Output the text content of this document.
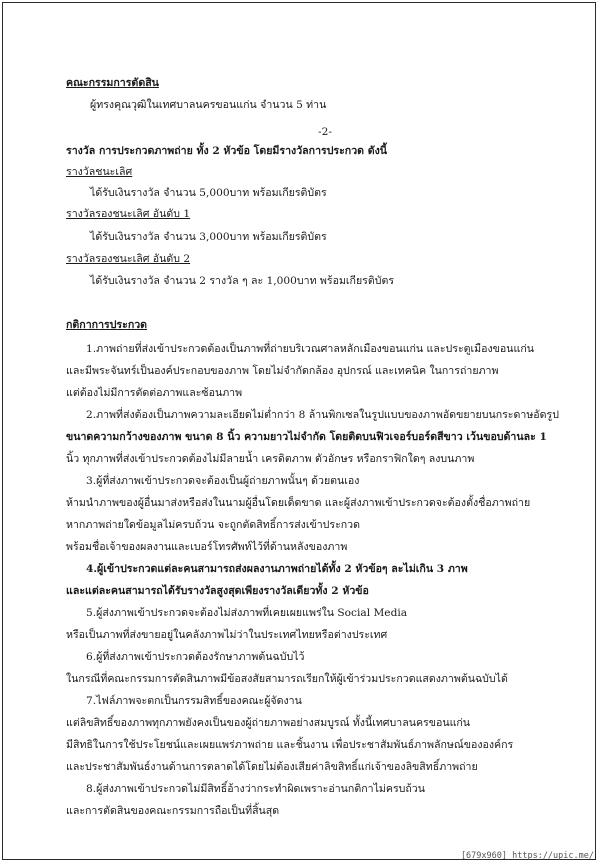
คณะกรรมการตัดสิน
ผู้ทรงคุณวุฒิในเทศบาลนครขอนแก่น จำนวน 5 ท่าน
-2-
รางวัล การประกวดภาพถ่าย ทั้ง 2 หัวข้อ โดยมีรางวัลการประกวด ดังนี้
รางวัลชนะเลิศ
ได้รับเงินรางวัล จำนวน 5,000บาท พร้อมเกียรติบัตร
รางวัลรองชนะเลิศ อันดับ 1
ได้รับเงินรางวัล จำนวน 3,000บาท พร้อมเกียรติบัตร
รางวัลรองชนะเลิศ อันดับ 2
ได้รับเงินรางวัล จำนวน 2 รางวัล ๆ ละ 1,000บาท พร้อมเกียรติบัตร
กติกาการประกวด
1.ภาพถ่ายที่ส่งเข้าประกวดต้องเป็นภาพที่ถ่ายบริเวณศาลหลักเมืองขอนแก่น และประตูเมืองขอนแก่น
และมีพระจันทร์เป็นองค์ประกอบของภาพ โดยไม่จำกัดกล้อง อุปกรณ์ และเทคนิค ในการถ่ายภาพ
แต่ต้องไม่มีการตัดต่อภาพและซ้อนภาพ
2.ภาพที่ส่งต้องเป็นภาพความละเอียดไม่ต่ำกว่า 8 ล้านพิกเซลในรูปแบบของภาพอัดขยายบนกระดาษอัดรูป
ขนาดความกว้างของภาพ ขนาด 8 นิ้ว ความยาวไม่จำกัด โดยติดบนฟิวเจอร์บอร์ดสีขาว เว้นขอบด้านละ 1
นิ้ว ทุกภาพที่ส่งเข้าประกวดต้องไม่มีลายน้ำ เครดิตภาพ ตัวอักษร หรือกราฟิกใดๆ ลงบนภาพ
3.ผู้ที่ส่งภาพเข้าประกวดจะต้องเป็นผู้ถ่ายภาพนั้นๆ ด้วยตนเอง
ห้ามนำภาพของผู้อื่นมาส่งหรือส่งในนามผู้อื่นโดยเด็ดขาด และผู้ส่งภาพเข้าประกวดจะต้องตั้งชื่อภาพถ่าย
หากภาพถ่ายใดข้อมูลไม่ครบถ้วน จะถูกตัดสิทธิ์การส่งเข้าประกวด
พร้อมชื่อเจ้าของผลงานและเบอร์โทรศัพท์ไว้ที่ด้านหลังของภาพ
4.ผู้เข้าประกวดแต่ละคนสามารถส่งผลงานภาพถ่ายได้ทั้ง 2 หัวข้อๆ ละไม่เกิน 3 ภาพ
และแต่ละคนสามารถได้รับรางวัลสูงสุดเพียงรางวัลเดียวทั้ง 2 หัวข้อ
5.ผู้ส่งภาพเข้าประกวดจะต้องไม่ส่งภาพที่เคยเผยแพร่ใน Social Media
หรือเป็นภาพที่ส่งขายอยู่ในคลังภาพไม่ว่าในประเทศไทยหรือต่างประเทศ
6.ผู้ที่ส่งภาพเข้าประกวดต้องรักษาภาพต้นฉบับไว้
ในกรณีที่คณะกรรมการตัดสินภาพมีข้อสงสัยสามารถเรียกให้ผู้เข้าร่วมประกวดแสดงภาพต้นฉบับได้
7.ไฟล์ภาพจะตกเป็นกรรมสิทธิ์ของคณะผู้จัดงาน
แต่ลิขสิทธิ์ของภาพทุกภาพยังคงเป็นของผู้ถ่ายภาพอย่างสมบูรณ์ ทั้งนี้เทศบาลนครขอนแก่น
มีสิทธิในการใช้ประโยชน์และเผยแพร่ภาพถ่าย และชิ้นงาน เพื่อประชาสัมพันธ์ภาพลักษณ์ขององค์กร
และประชาสัมพันธ์งานด้านการตลาดได้โดยไม่ต้องเสียค่าลิขสิทธิ์แก่เจ้าของลิขสิทธิ์ภาพถ่าย
8.ผู้ส่งภาพเข้าประกวดไม่มีสิทธิ์อ้างว่ากระทำผิดเพราะอ่านกติกาไม่ครบถ้วน
และการตัดสินของคณะกรรมการถือเป็นที่สิ้นสุด
[679x960] https://upic.me/
